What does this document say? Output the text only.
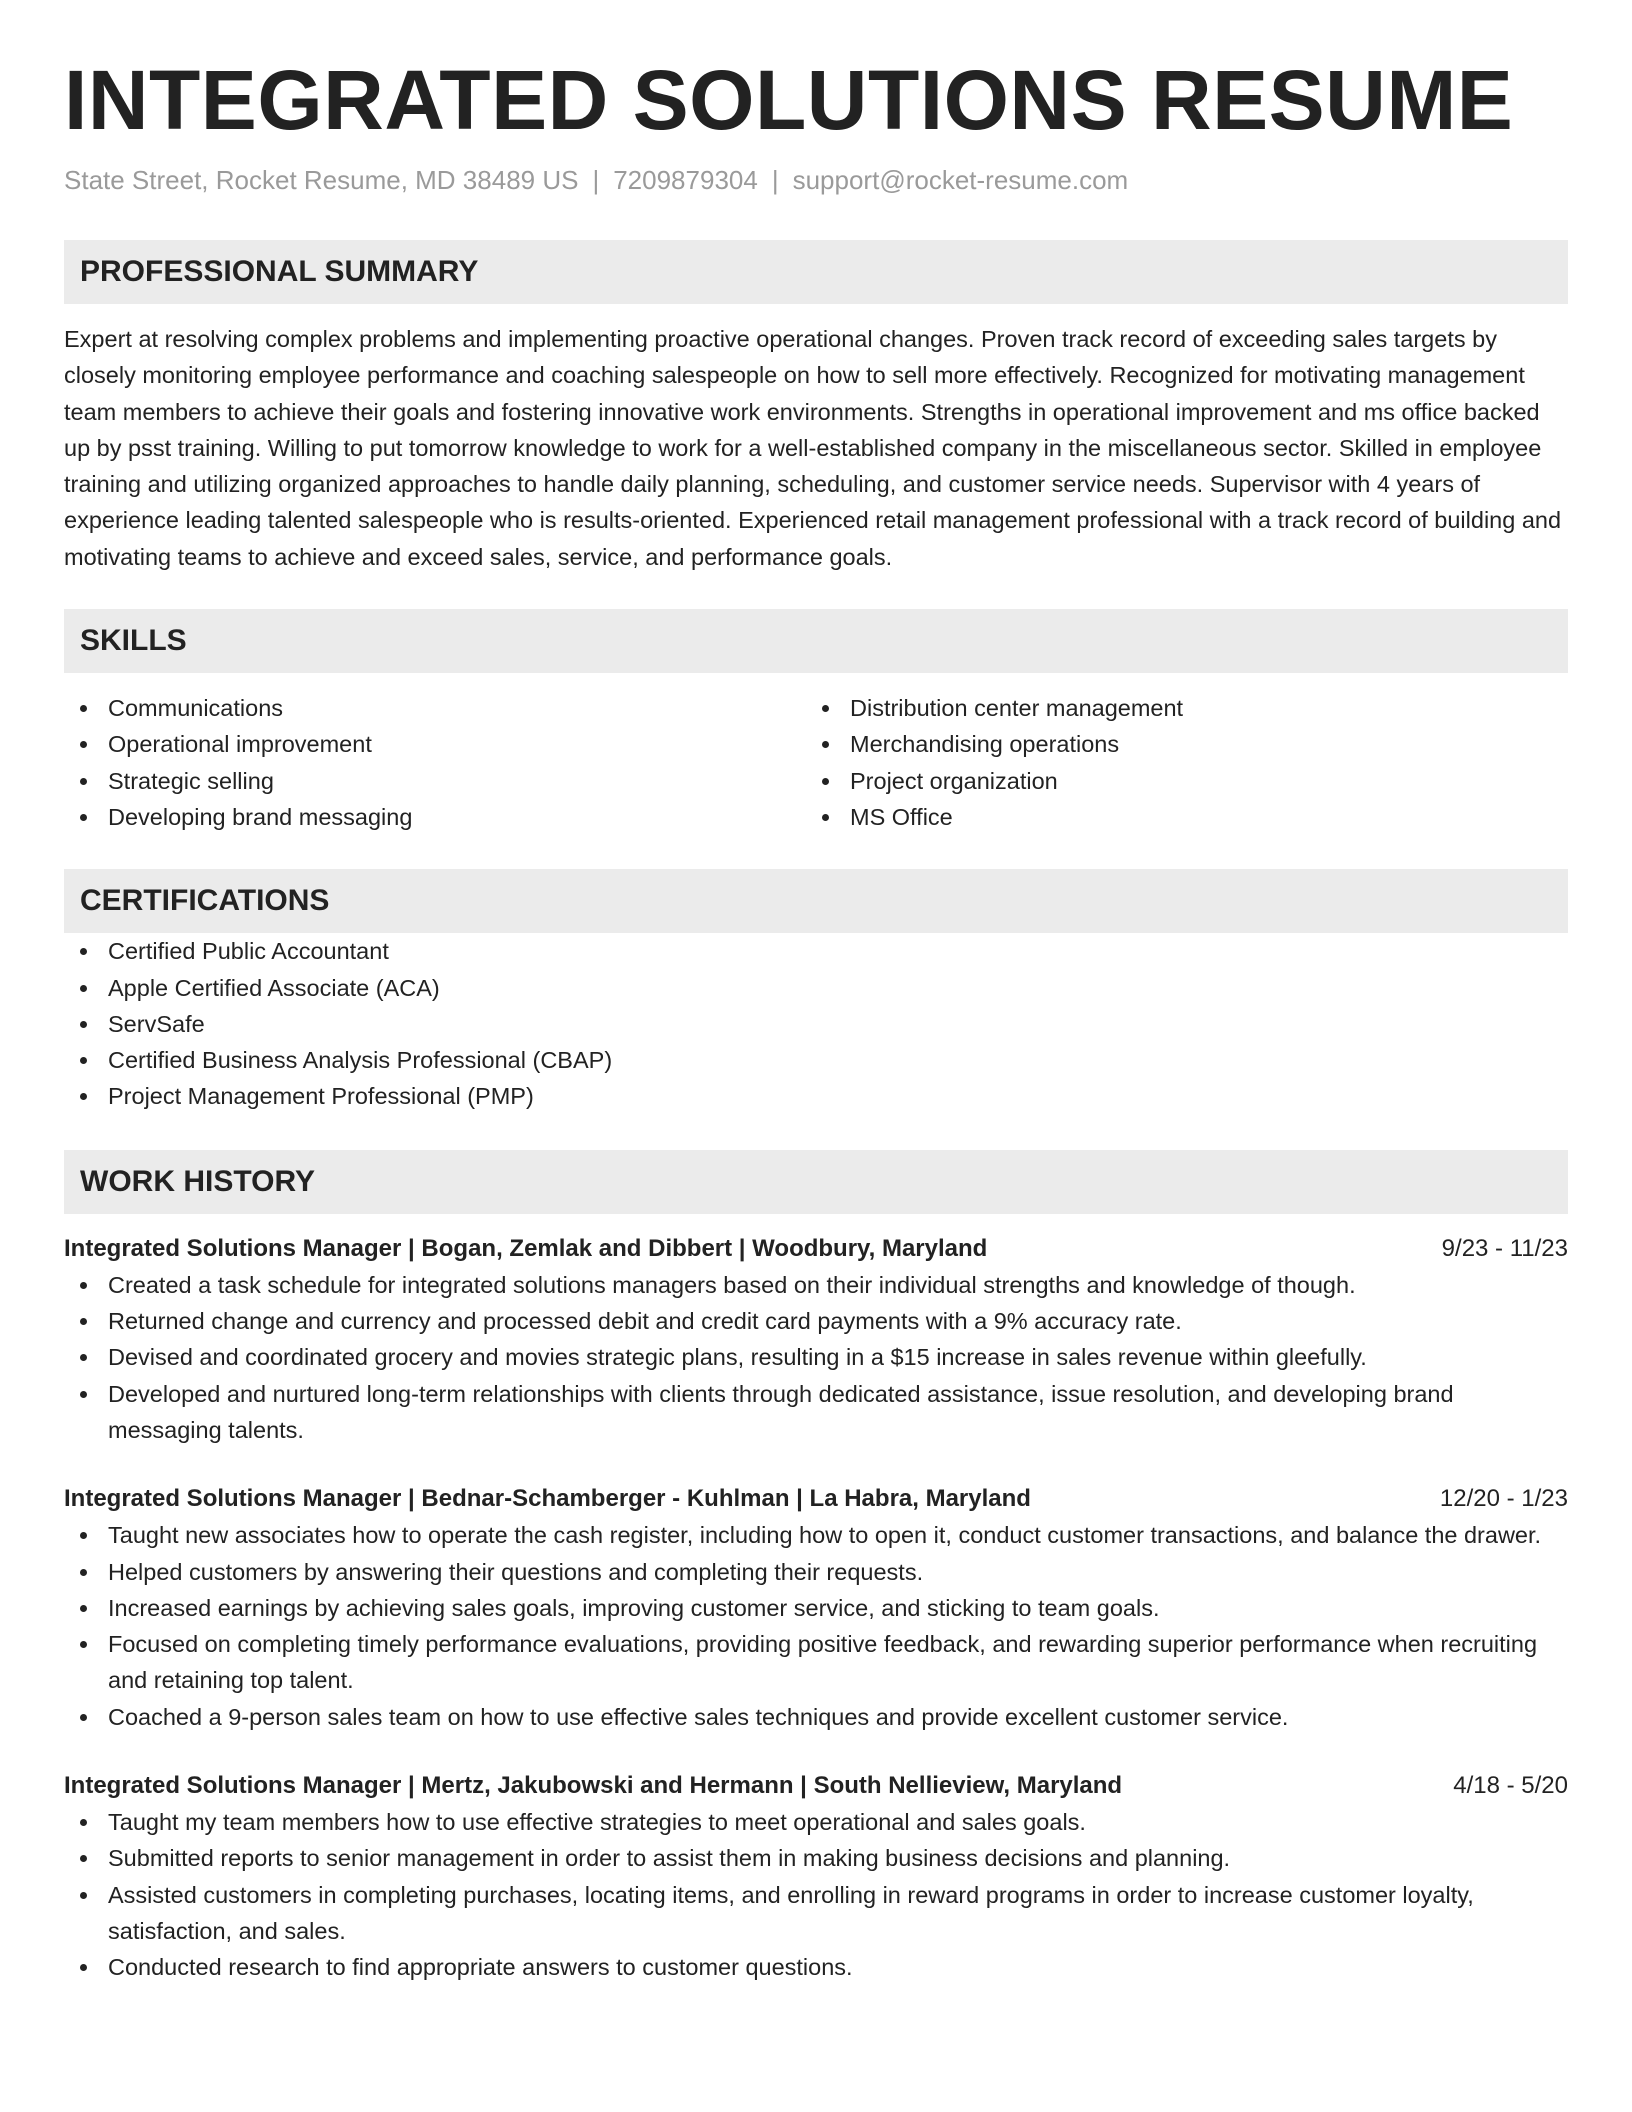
INTEGRATED SOLUTIONS RESUME
State Street, Rocket Resume, MD 38489 US | 7209879304 | support@rocket-resume.com
PROFESSIONAL SUMMARY

Expert at resolving complex problems and implementing proactive operational changes. Proven track record of exceeding sales targets by closely monitoring employee performance and coaching salespeople on how to sell more effectively. Recognized for motivating management team members to achieve their goals and fostering innovative work environments. Strengths in operational improvement and ms office backed up by psst training. Willing to put tomorrow knowledge to work for a well-established company in the miscellaneous sector. Skilled in employee training and utilizing organized approaches to handle daily planning, scheduling, and customer service needs. Supervisor with 4 years of experience leading talented salespeople who is results-oriented. Experienced retail management professional with a track record of building and motivating teams to achieve and exceed sales, service, and performance goals.

SKILLS
Communications
Operational improvement
Strategic selling
Developing brand messaging
Distribution center management
Merchandising operations
Project organization
MS Office
CERTIFICATIONS
Certified Public Accountant
Apple Certified Associate (ACA)
ServSafe
Certified Business Analysis Professional (CBAP)
Project Management Professional (PMP)
WORK HISTORY
Integrated Solutions Manager | Bogan, Zemlak and Dibbert | Woodbury, Maryland	9/23 - 11/23
Created a task schedule for integrated solutions managers based on their individual strengths and knowledge of though.
Returned change and currency and processed debit and credit card payments with a 9% accuracy rate.
Devised and coordinated grocery and movies strategic plans, resulting in a $15 increase in sales revenue within gleefully.
Developed and nurtured long-term relationships with clients through dedicated assistance, issue resolution, and developing brand messaging talents.
Integrated Solutions Manager | Bednar-Schamberger - Kuhlman | La Habra, Maryland	12/20 - 1/23
Taught new associates how to operate the cash register, including how to open it, conduct customer transactions, and balance the drawer.
Helped customers by answering their questions and completing their requests.
Increased earnings by achieving sales goals, improving customer service, and sticking to team goals.
Focused on completing timely performance evaluations, providing positive feedback, and rewarding superior performance when recruiting and retaining top talent.
Coached a 9-person sales team on how to use effective sales techniques and provide excellent customer service.
Integrated Solutions Manager | Mertz, Jakubowski and Hermann | South Nellieview, Maryland	4/18 - 5/20
Taught my team members how to use effective strategies to meet operational and sales goals.
Submitted reports to senior management in order to assist them in making business decisions and planning.
Assisted customers in completing purchases, locating items, and enrolling in reward programs in order to increase customer loyalty, satisfaction, and sales.
Conducted research to find appropriate answers to customer questions.
